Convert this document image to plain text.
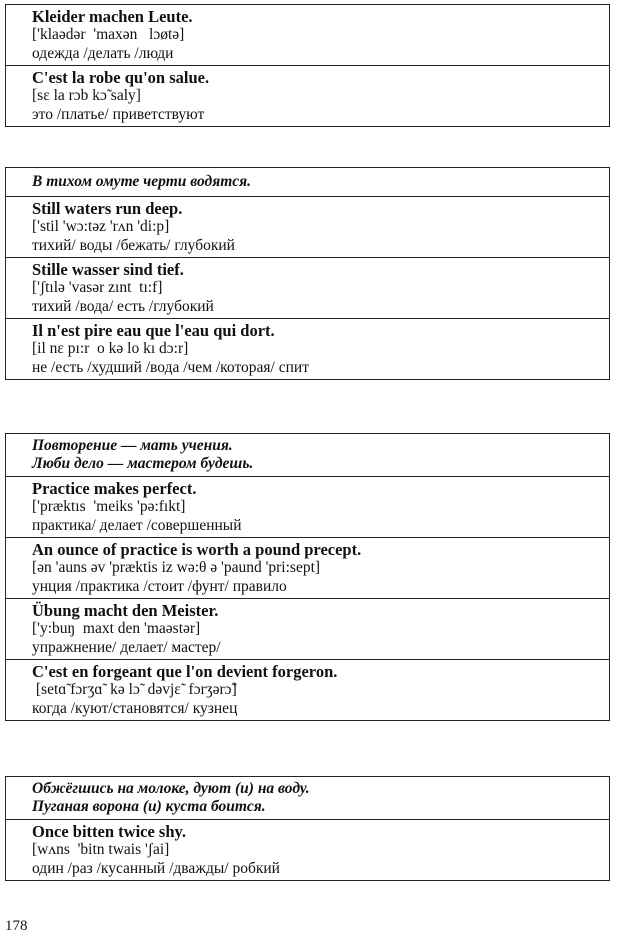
Kleider machen Leute.
['klaədər  'maxən   lɔøtə]
одежда /делать /люди
C'est la robe qu'on salue.
[sɛ la rɔb kɔ̃ saly]
это /платье/ приветствуют
В тихом омуте черти водятся.
Still waters run deep.
['stil 'wɔ:təz 'rʌn 'di:p]
тихий/ воды /бежать/ глубокий
Stille wasser sind tief.
['ʃtılə 'vasər zınt  tı:f]
тихий /вода/ есть /глубокий
Il n'est pire eau que l'eau qui dort.
[il nɛ pı:r  o kə lo kı dɔ:r]
не /есть /худший /вода /чем /которая/ спит
Повторение — мать учения.
Люби дело — мастером будешь.
Practice makes perfect.
['præktıs  'meiks 'pə:fıkt]
практика/ делает /совершенный
An ounce of practice is worth a pound precept.
[ən 'auns əv 'præktis iz wə:θ ə 'paund 'pri:sept]
унция /практика /стоит /фунт/ правило
Übung macht den Meister.
['y:buŋ  maxt den 'maəstər]
упражнение/ делает/ мастер/
C'est en forgeant que l'on devient forgeron.
[setɑ̃ fɔrʒɑ̃  kə lɔ̃  dəvjɛ̃  fɔrʒərɔ̃]
когда /куют/становятся/ кузнец
Обжёгшись на молоке, дуют (и) на воду.
Пуганая ворона (и) куста боится.
Once bitten twice shy.
[wʌns  'bitn twais 'ʃai]
один /раз /кусанный /дважды/ робкий
178
